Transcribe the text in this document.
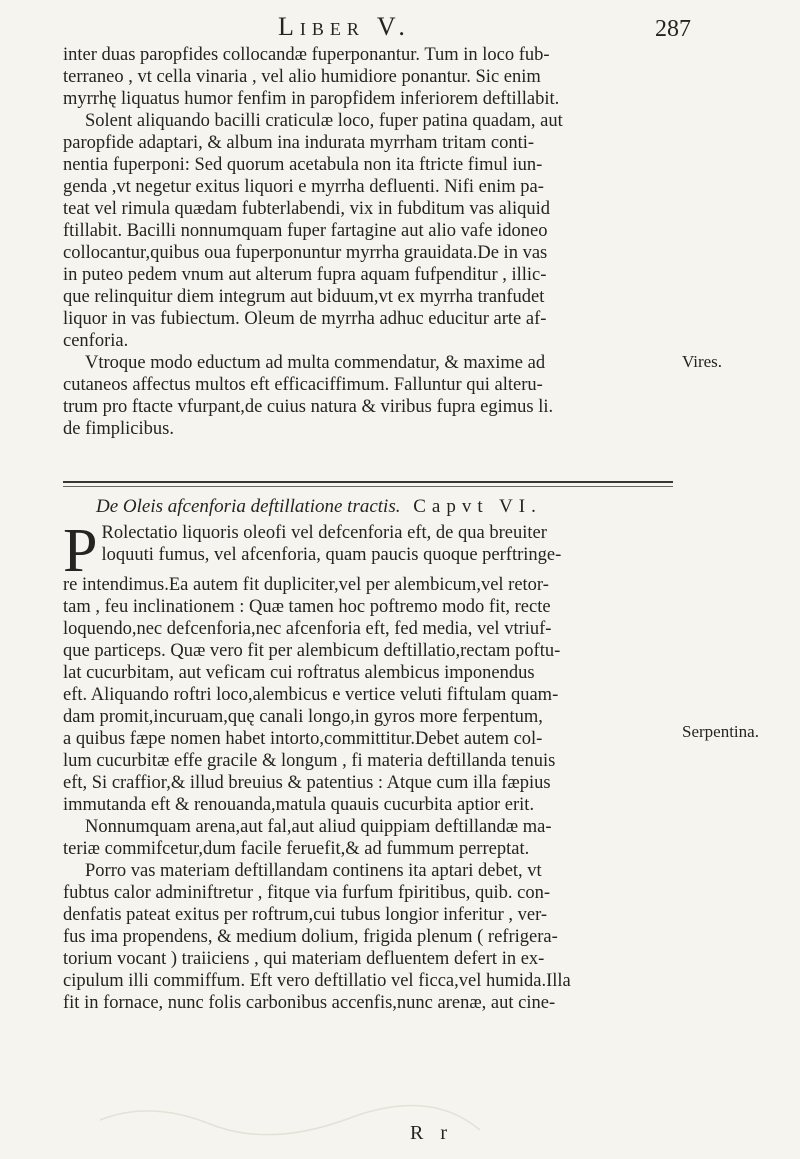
Liber V.	287
inter duas paropfides collocandæ fuperponantur. Tum in loco fub-
terraneo , vt cella vinaria , vel alio humidiore ponantur. Sic enim
myrrhę liquatus humor fenfim in paropfidem inferiorem deftillabit.
Solent aliquando bacilli craticulæ loco, fuper patina quadam, aut
paropfide adaptari, & album ina indurata myrrham tritam conti-
nentia fuperponi: Sed quorum acetabula non ita ftricte fimul iun-
genda ,vt negetur exitus liquori e myrrha defluenti. Nifi enim pa-
teat vel rimula quædam fubterlabendi, vix in fubditum vas aliquid
ftillabit. Bacilli nonnumquam fuper fartagine aut alio vafe idoneo
collocantur,quibus oua fuperponuntur myrrha grauidata.De in vas
in puteo pedem vnum aut alterum fupra aquam fufpenditur , illic-
que relinquitur diem integrum aut biduum,vt ex myrrha tranfudet
liquor in vas fubiectum. Oleum de myrrha adhuc educitur arte af-
cenforia.
Vtroque modo eductum ad multa commendatur, & maxime ad
cutaneos affectus multos eft efficaciffimum. Falluntur qui alteru-
trum pro ftacte vfurpant,de cuius natura & viribus fupra egimus li.
de fimplicibus.
Vires.
De Oleis afcenforia deftillatione tractis. Capvt VI.
P Rolectatio liquoris oleofi vel defcenforia eft, de qua breuiter
loquuti fumus, vel afcenforia, quam paucis quoque perftringe-
re intendimus.Ea autem fit dupliciter,vel per alembicum,vel retor-
tam , feu inclinationem : Quæ tamen hoc poftremo modo fit, recte
loquendo,nec defcenforia,nec afcenforia eft, fed media, vel vtriuf-
que particeps. Quæ vero fit per alembicum deftillatio,rectam poftu-
lat cucurbitam, aut veficam cui roftratus alembicus imponendus
eft. Aliquando roftri loco,alembicus e vertice veluti fiftulam quam-
dam promit,incuruam,quę canali longo,in gyros more ferpentum,
a quibus fæpe nomen habet intorto,committitur.Debet autem col-
lum cucurbitæ effe gracile & longum , fi materia deftillanda tenuis
eft, Si craffior,& illud breuius & patentius : Atque cum illa fæpius
immutanda eft & renouanda,matula quauis cucurbita aptior erit.
Nonnumquam arena,aut fal,aut aliud quippiam deftillandæ ma-
teriæ commifcetur,dum facile feruefit,& ad fummum perreptat.
Porro vas materiam deftillandam continens ita aptari debet, vt
fubtus calor adminiftretur , fitque via furfum fpiritibus, quib. con-
denfatis pateat exitus per roftrum,cui tubus longior inferitur , ver-
fus ima propendens, & medium dolium, frigida plenum ( refrigera-
torium vocant ) traiiciens , qui materiam defluentem defert in ex-
cipulum illi commiffum. Eft vero deftillatio vel ficca,vel humida.Illa
fit in fornace, nunc folis carbonibus accenfis,nunc arenæ, aut cine-
Serpentina.
R r
